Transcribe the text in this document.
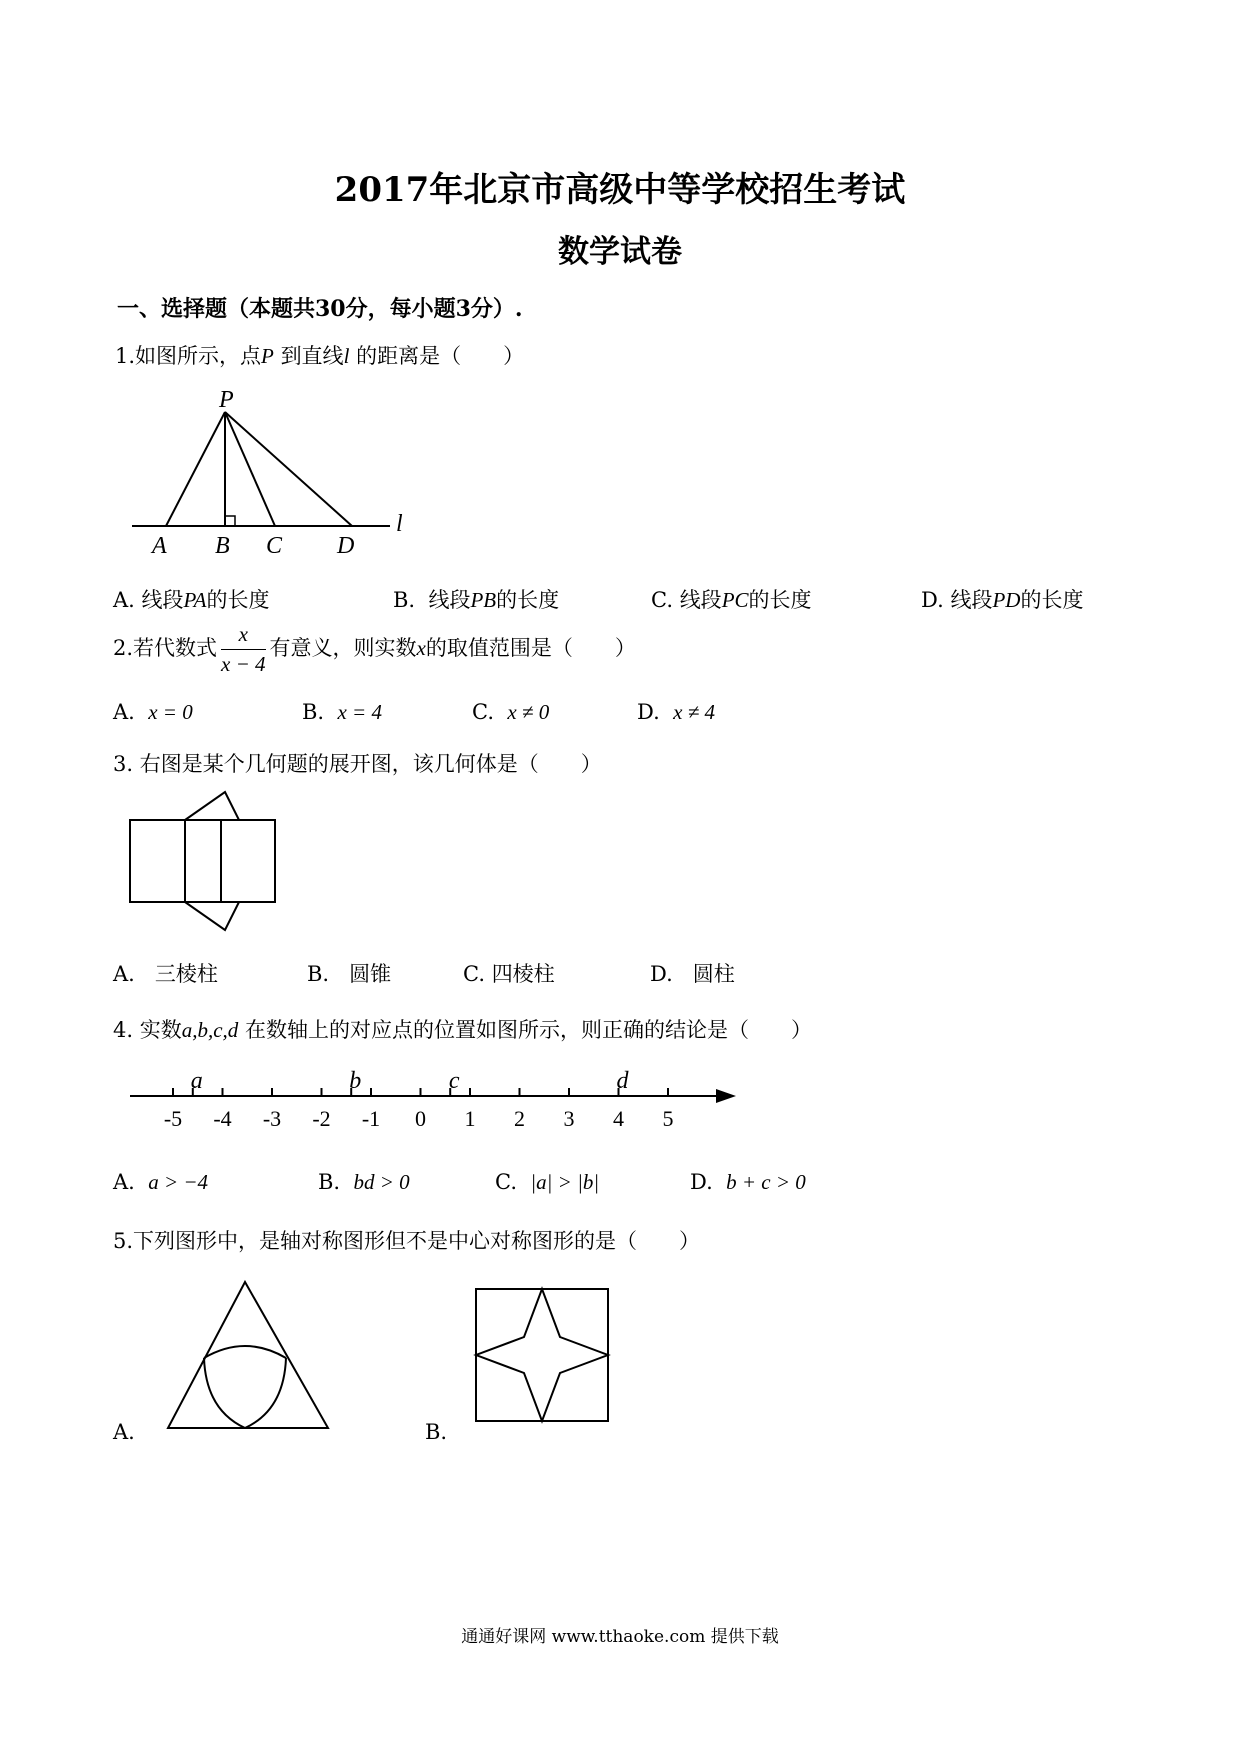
2017年北京市高级中等学校招生考试
数学试卷
一、选择题（本题共30分，每小题3分）.
1.如图所示，点P 到直线l 的距离是（　　）
P
A B C D
l
A. 线段PA的长度	B. 线段PB的长度	C. 线段PC的长度	D. 线段PD的长度
2.若代数式 $\frac{x}{x - 4}$ 有意义，则实数x的取值范围是（　　）
A. x = 0	B. x = 4	C. x ≠ 0	D. x ≠ 4
3. 右图是某个几何题的展开图，该几何体是（　　）
A. 三棱柱	B. 圆锥	C. 四棱柱	D. 圆柱
4. 实数a,b,c,d 在数轴上的对应点的位置如图所示，则正确的结论是（　　）
-5 -4 -3 -2 -1 0 1 2 3 4 5
a	b	c	d
A. a > −4	B. bd > 0	C. |a| > |b|	D. b + c > 0
5.下列图形中，是轴对称图形但不是中心对称图形的是（　　）
A.	B.
通通好课网 www.tthaoke.com 提供下载
